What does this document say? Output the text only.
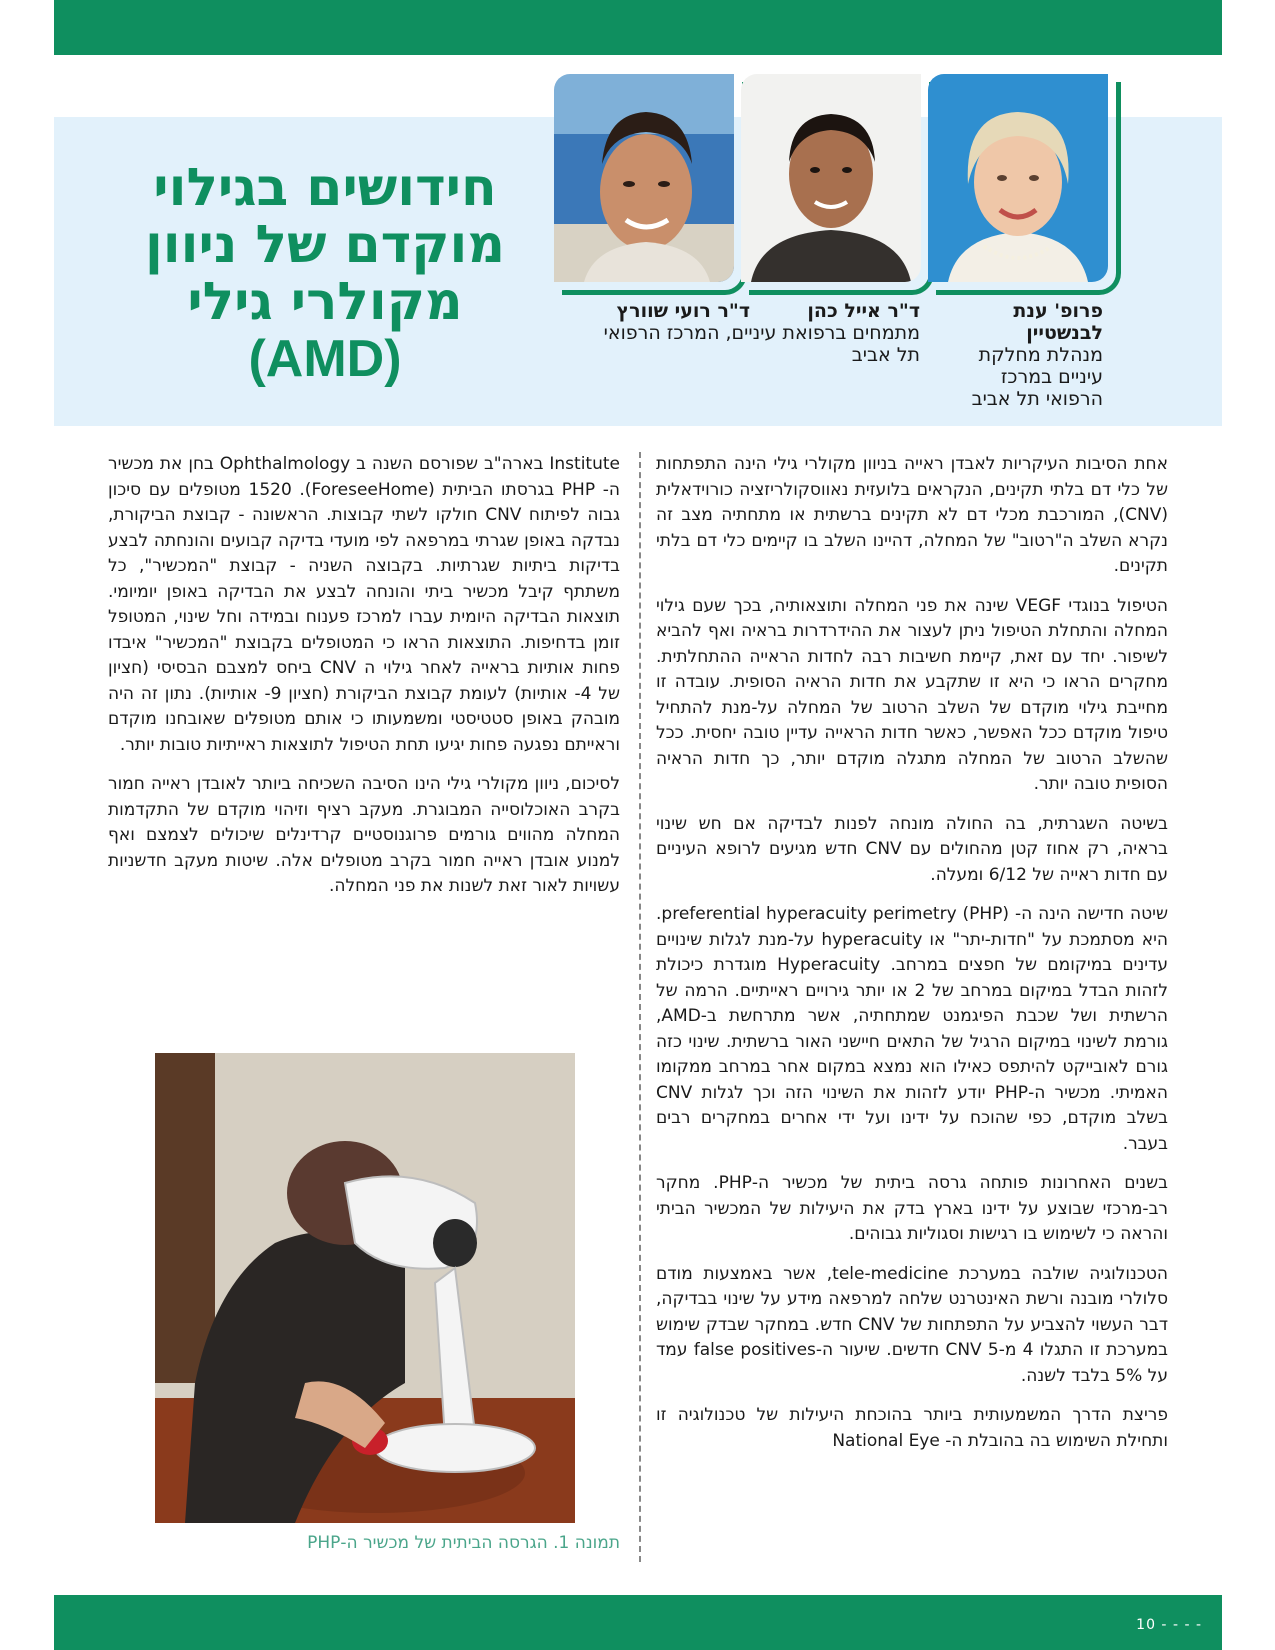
חידושים בגילוי
מוקדם של ניוון
מקולרי גילי
(AMD)
פרופ' ענת לבנשטיין
מנהלת מחלקת
עיניים במרכז
הרפואי תל אביב
ד"ר אייל כהן
ד"ר רועי שוורץ
מתמחים ברפואת עיניים, המרכז הרפואי
תל אביב

אחת הסיבות העיקריות לאבדן ראייה בניוון מקולרי גילי הינה התפתחות של כלי דם בלתי תקינים, הנקראים בלועזית נאווסקולריזציה כורוידאלית (CNV), המורכבת מכלי דם לא תקינים ברשתית או מתחתיה מצב זה נקרא השלב ה"רטוב" של המחלה, דהיינו השלב בו קיימים כלי דם בלתי תקינים.

הטיפול בנוגדי VEGF שינה את פני המחלה ותוצאותיה, בכך שעם גילוי המחלה והתחלת הטיפול ניתן לעצור את ההידרדרות בראיה ואף להביא לשיפור. יחד עם זאת, קיימת חשיבות רבה לחדות הראייה ההתחלתית. מחקרים הראו כי היא זו שתקבע את חדות הראיה הסופית. עובדה זו מחייבת גילוי מוקדם של השלב הרטוב של המחלה על-מנת להתחיל טיפול מוקדם ככל האפשר, כאשר חדות הראייה עדיין טובה יחסית. ככל שהשלב הרטוב של המחלה מתגלה מוקדם יותר, כך חדות הראיה הסופית טובה יותר.

בשיטה השגרתית, בה החולה מונחה לפנות לבדיקה אם חש שינוי בראיה, רק אחוז קטן מהחולים עם CNV חדש מגיעים לרופא העיניים עם חדות ראייה של 6/12 ומעלה.

שיטה חדישה הינה ה- preferential hyperacuity perimetry (PHP). היא מסתמכת על "חדות-יתר" או hyperacuity על-מנת לגלות שינויים עדינים במיקומם של חפצים במרחב. Hyperacuity מוגדרת כיכולת לזהות הבדל במיקום במרחב של 2 או יותר גירויים ראייתיים. הרמה של הרשתית ושל שכבת הפיגמנט שמתחתיה, אשר מתרחשת ב-AMD, גורמת לשינוי במיקום הרגיל של התאים חיישני האור ברשתית. שינוי כזה גורם לאובייקט להיתפס כאילו הוא נמצא במקום אחר במרחב ממקומו האמיתי. מכשיר ה-PHP יודע לזהות את השינוי הזה וכך לגלות CNV בשלב מוקדם, כפי שהוכח על ידינו ועל ידי אחרים במחקרים רבים בעבר.

בשנים האחרונות פותחה גרסה ביתית של מכשיר ה-PHP. מחקר רב-מרכזי שבוצע על ידינו בארץ בדק את היעילות של המכשיר הביתי והראה כי לשימוש בו רגישות וסגוליות גבוהים.

הטכנולוגיה שולבה במערכת tele-medicine, אשר באמצעות מודם סלולרי מובנה ורשת האינטרנט שלחה למרפאה מידע על שינוי בבדיקה, דבר העשוי להצביע על התפתחות של CNV חדש. במחקר שבדק שימוש במערכת זו התגלו 4 מ-5 CNV חדשים. שיעור ה-false positives עמד על 5% בלבד לשנה.

פריצת הדרך המשמעותית ביותר בהוכחת היעילות של טכנולוגיה זו ותחילת השימוש בה בהובלת ה- National Eye

Institute בארה"ב שפורסם השנה ב Ophthalmology בחן את מכשיר ה- PHP בגרסתו הביתית (ForeseeHome). 1520 מטופלים עם סיכון גבוה לפיתוח CNV חולקו לשתי קבוצות. הראשונה - קבוצת הביקורת, נבדקה באופן שגרתי במרפאה לפי מועדי בדיקה קבועים והונחתה לבצע בדיקות ביתיות שגרתיות. בקבוצה השניה - קבוצת "המכשיר", כל משתתף קיבל מכשיר ביתי והונחה לבצע את הבדיקה באופן יומיומי. תוצאות הבדיקה היומית עברו למרכז פענוח ובמידה וחל שינוי, המטופל זומן בדחיפות. התוצאות הראו כי המטופלים בקבוצת "המכשיר" איבדו פחות אותיות בראייה לאחר גילוי ה CNV ביחס למצבם הבסיסי (חציון של 4- אותיות) לעומת קבוצת הביקורת (חציון 9- אותיות). נתון זה היה מובהק באופן סטטיסטי ומשמעותו כי אותם מטופלים שאובחנו מוקדם וראייתם נפגעה פחות יגיעו תחת הטיפול לתוצאות ראייתיות טובות יותר.

לסיכום, ניוון מקולרי גילי הינו הסיבה השכיחה ביותר לאובדן ראייה חמור בקרב האוכלוסייה המבוגרת. מעקב רציף וזיהוי מוקדם של התקדמות המחלה מהווים גורמים פרוגנוסטיים קרדינלים שיכולים לצמצם ואף למנוע אובדן ראייה חמור בקרב מטופלים אלה. שיטות מעקב חדשניות עשויות לאור זאת לשנות את פני המחלה.

תמונה 1. הגרסה הביתית של מכשיר ה-PHP
10 - - - -
